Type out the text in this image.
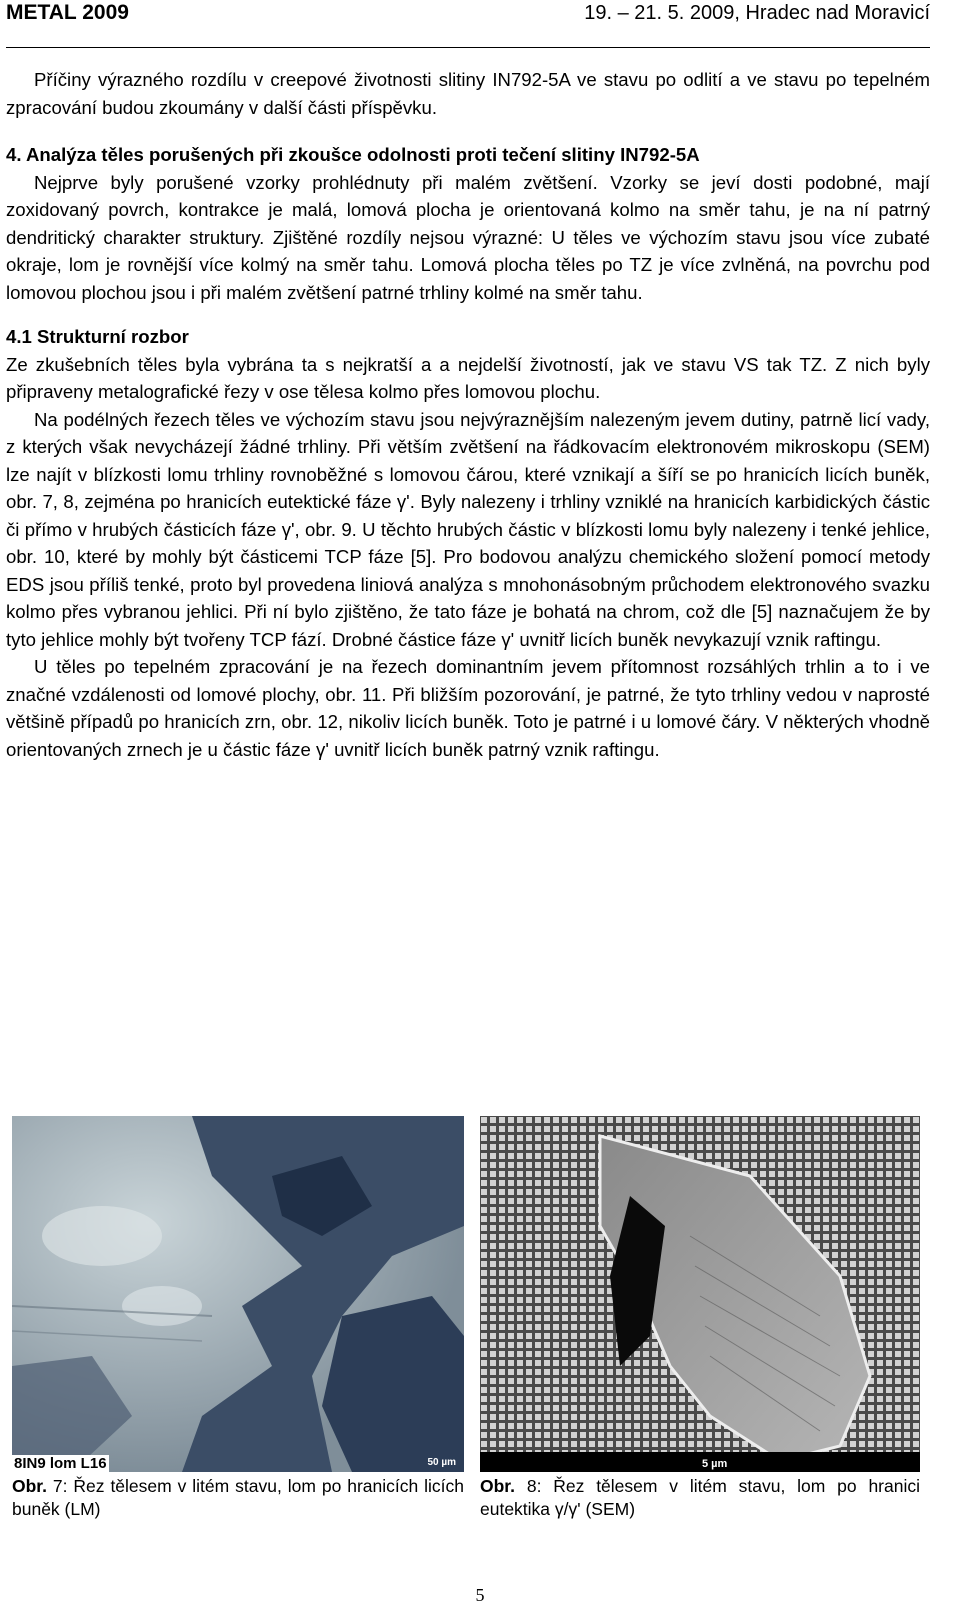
METAL 2009	19. – 21. 5. 2009, Hradec nad Moravicí

Příčiny výrazného rozdílu v creepové životnosti slitiny IN792-5A ve stavu po odlití a ve stavu po tepelném zpracování budou zkoumány v další části příspěvku.

4. Analýza těles porušených při zkoušce odolnosti proti tečení slitiny IN792-5A

Nejprve byly porušené vzorky prohlédnuty při malém zvětšení. Vzorky se jeví dosti podobné, mají zoxidovaný povrch, kontrakce je malá, lomová plocha je orientovaná kolmo na směr tahu, je na ní patrný dendritický charakter struktury. Zjištěné rozdíly nejsou výrazné: U těles ve výchozím stavu jsou více zubaté okraje, lom je rovnější více kolmý na směr tahu. Lomová plocha těles po TZ je více zvlněná, na povrchu pod lomovou plochou jsou i při malém zvětšení patrné trhliny kolmé na směr tahu.

4.1 Strukturní rozbor

Ze zkušebních těles byla vybrána ta s nejkratší a a nejdelší životností, jak ve stavu VS tak TZ. Z nich byly připraveny metalografické řezy v ose tělesa kolmo přes lomovou plochu.

Na podélných řezech těles ve výchozím stavu jsou nejvýraznějším nalezeným jevem dutiny, patrně licí vady, z kterých však nevycházejí žádné trhliny. Při větším zvětšení na řádkovacím elektronovém mikroskopu (SEM) lze najít v blízkosti lomu trhliny rovnoběžné s lomovou čárou, které vznikají a šíří se po hranicích licích buněk, obr. 7, 8, zejména po hranicích eutektické fáze γ'. Byly nalezeny i trhliny vzniklé na hranicích karbidických částic či přímo v hrubých částicích fáze γ', obr. 9. U těchto hrubých částic v blízkosti lomu byly nalezeny i tenké jehlice, obr. 10, které by mohly být částicemi TCP fáze [5]. Pro bodovou analýzu chemického složení pomocí metody EDS jsou příliš tenké, proto byl provedena liniová analýza s mnohonásobným průchodem elektronového svazku kolmo přes vybranou jehlici. Při ní bylo zjištěno, že tato fáze je bohatá na chrom, což dle [5] naznačujem že by tyto jehlice mohly být tvořeny TCP fází. Drobné částice fáze γ' uvnitř licích buněk nevykazují vznik raftingu.

U těles po tepelném zpracování je na řezech dominantním jevem přítomnost rozsáhlých trhlin a to i ve značné vzdálenosti od lomové plochy, obr. 11. Při bližším pozorování, je patrné, že tyto trhliny vedou v naprosté většině případů po hranicích zrn, obr. 12, nikoliv licích buněk. Toto je patrné i u lomové čáry. V některých vhodně orientovaných zrnech je u částic fáze γ' uvnitř licích buněk patrný vznik raftingu.

8IN9 lom L16	50 µm	5 µm
Obr. 7: Řez tělesem v litém stavu, lom po hranicích licích buněk (LM)
Obr. 8: Řez tělesem v litém stavu, lom po hranici eutektika γ/γ' (SEM)
5
